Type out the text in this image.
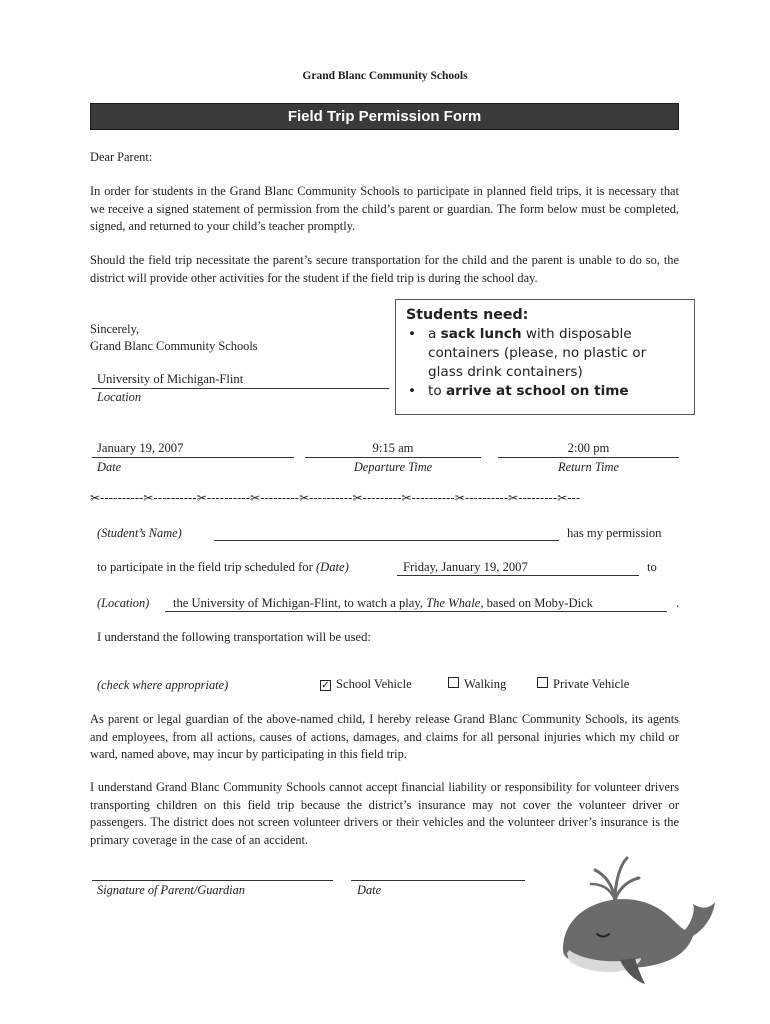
Grand Blanc Community Schools
Field Trip Permission Form
Dear Parent:
In order for students in the Grand Blanc Community Schools to participate in planned field trips, it is necessary that we receive a signed statement of permission from the child’s parent or guardian. The form below must be completed, signed, and returned to your child’s teacher promptly.
Should the field trip necessitate the parent’s secure transportation for the child and the parent is unable to do so, the district will provide other activities for the student if the field trip is during the school day.
Sincerely,
Grand Blanc Community Schools
Students need:
• a sack lunch with disposable containers (please, no plastic or glass drink containers)
• to arrive at school on time
University of Michigan-Flint
Location
January 19, 2007
Date
9:15 am
Departure Time
2:00 pm
Return Time
✂----------✂----------✂----------✂---------✂----------✂---------✂----------✂----------✂---------✂---
(Student’s Name)	has my permission
to participate in the field trip scheduled for (Date)	Friday, January 19, 2007	to
(Location)	the University of Michigan-Flint, to watch a play, The Whale, based on Moby-Dick	.
I understand the following transportation will be used:
(check where appropriate)	✓ School Vehicle	Walking	Private Vehicle
As parent or legal guardian of the above-named child, I hereby release Grand Blanc Community Schools, its agents and employees, from all actions, causes of actions, damages, and claims for all personal injuries which my child or ward, named above, may incur by participating in this field trip.
I understand Grand Blanc Community Schools cannot accept financial liability or responsibility for volunteer drivers transporting children on this field trip because the district’s insurance may not cover the volunteer driver or passengers. The district does not screen volunteer drivers or their vehicles and the volunteer driver’s insurance is the primary coverage in the case of an accident.
Signature of Parent/Guardian	Date
